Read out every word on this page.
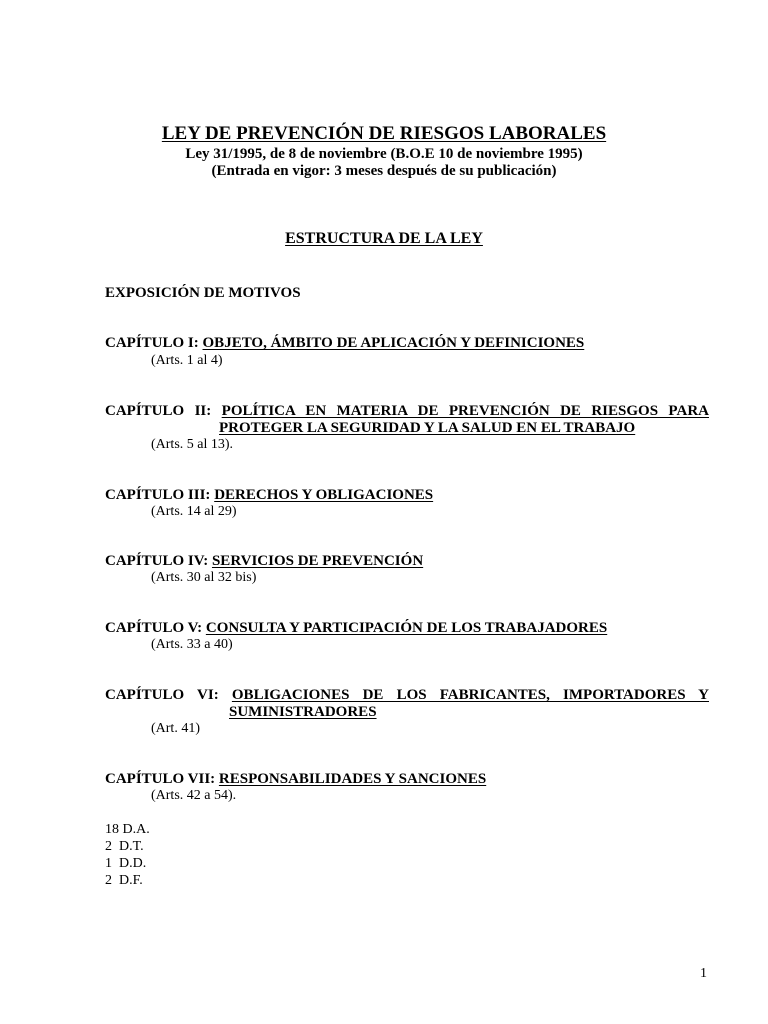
LEY DE PREVENCIÓN DE RIESGOS LABORALES
Ley 31/1995, de 8 de noviembre (B.O.E 10 de noviembre 1995)
(Entrada en vigor: 3 meses después de su publicación)
ESTRUCTURA DE LA LEY
EXPOSICIÓN DE MOTIVOS
CAPÍTULO I: OBJETO, ÁMBITO DE APLICACIÓN Y DEFINICIONES
(Arts. 1 al 4)
CAPÍTULO II: POLÍTICA EN MATERIA DE PREVENCIÓN DE RIESGOS PARA
PROTEGER LA SEGURIDAD Y LA SALUD EN EL TRABAJO
(Arts. 5 al 13).
CAPÍTULO III: DERECHOS Y OBLIGACIONES
(Arts. 14 al 29)
CAPÍTULO IV: SERVICIOS DE PREVENCIÓN
(Arts. 30 al 32 bis)
CAPÍTULO V: CONSULTA Y PARTICIPACIÓN DE LOS TRABAJADORES
(Arts. 33 a 40)
CAPÍTULO VI: OBLIGACIONES DE LOS FABRICANTES, IMPORTADORES Y
SUMINISTRADORES
(Art. 41)
CAPÍTULO VII: RESPONSABILIDADES Y SANCIONES
(Arts. 42 a 54).
18 D.A.
2  D.T.
1  D.D.
2  D.F.
1
